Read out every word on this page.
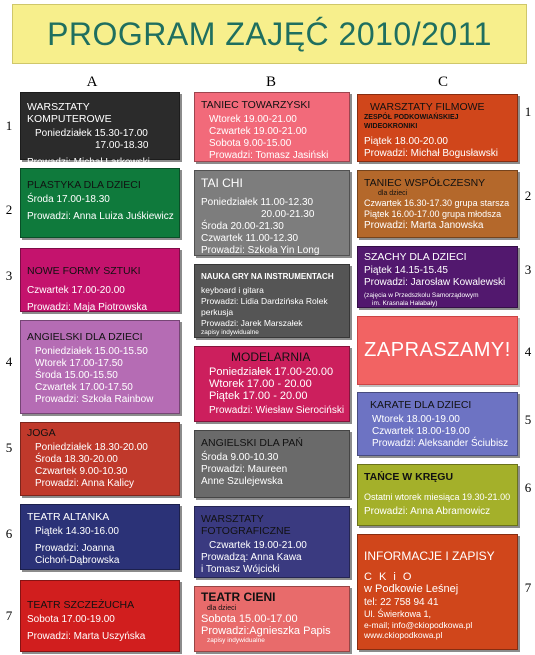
PROGRAM ZAJĘĆ 2010/2011
A	B	C
1
2
3
4
5
6
7
1
2
3
4
5
6
7
WARSZTATY KOMPUTEROWE
Poniedziałek 15.30-17.00
17.00-18.30
Prowadzi: Michał Larkowski
PLASTYKA DLA DZIECI
Środa 17.00-18.30
Prowadzi: Anna Luiza Juśkiewicz
NOWE FORMY SZTUKI
Czwartek 17.00-20.00
Prowadzi: Maja Piotrowska
ANGIELSKI DLA DZIECI
Poniedziałek 15.00-15.50
Wtorek 17.00-17.50
Środa 15.00-15.50
Czwartek 17.00-17.50
Prowadzi: Szkoła Rainbow
JOGA
Poniedziałek 18.30-20.00
Środa 18.30-20.00
Czwartek 9.00-10.30
Prowadzi: Anna Kalicy
TEATR ALTANKA
Piątek 14.30-16.00
Prowadzi: Joanna
Cichoń-Dąbrowska
TEATR SZCZEŻUCHA
Sobota 17.00-19.00
Prowadzi: Marta Uszyńska
TANIEC TOWARZYSKI
Wtorek 19.00-21.00
Czwartek 19.00-21.00
Sobota 9.00-15.00
Prowadzi: Tomasz Jasiński
TAI CHI
Poniedziałek 11.00-12.30
20.00-21.30
Środa 20.00-21.30
Czwartek 11.00-12.30
Prowadzi: Szkoła Yin Long
NAUKA GRY NA INSTRUMENTACH
keyboard i gitara
Prowadzi: Lidia Dardzińska Rolek
perkusja
Prowadzi: Jarek Marszałek
zapisy indywidualne
MODELARNIA
Poniedziałek 17.00-20.00
Wtorek 17.00 - 20.00
Piątek 17.00 - 20.00
Prowadzi: Wiesław Sierociński
ANGIELSKI DLA PAŃ
Środa 9.00-10.30
Prowadzi: Maureen
Anne Szulejewska
WARSZTATY FOTOGRAFICZNE
Czwartek 19.00-21.00
Prowadzą: Anna Kawa
i Tomasz Wójcicki
TEATR CIENI
dla dzieci
Sobota 15.00-17.00
Prowadzi:Agnieszka Papis
zapisy indywidualne
WARSZTATY FILMOWE
ZESPÓŁ PODKOWIAŃSKIEJ WIDEOKRONIKI
Piątek 18.00-20.00
Prowadzi: Michał Bogusławski
TANIEC WSPÓŁCZESNY
dla dzieci
Czwartek 16.30-17.30 grupa starsza
Piątek 16.00-17.00 grupa młodsza
Prowadzi: Marta Janowska
SZACHY DLA DZIECI
Piątek 14.15-15.45
Prowadzi: Jarosław Kowalewski
(zajęcia w Przedszkolu Samorządowym
im. Krasnala Hałabały)
ZAPRASZAMY!
KARATE DLA DZIECI
Wtorek 18.00-19.00
Czwartek 18.00-19.00
Prowadzi: Aleksander Ściubisz
TAŃCE W KRĘGU
Ostatni wtorek miesiąca 19.30-21.00
Prowadzi: Anna Abramowicz
INFORMACJE I ZAPISY
C K i O
w Podkowie Leśnej
tel: 22 758 94 41
Ul. Świerkowa 1,
e-mail; info@ckiopodkowa.pl
www.ckiopodkowa.pl
